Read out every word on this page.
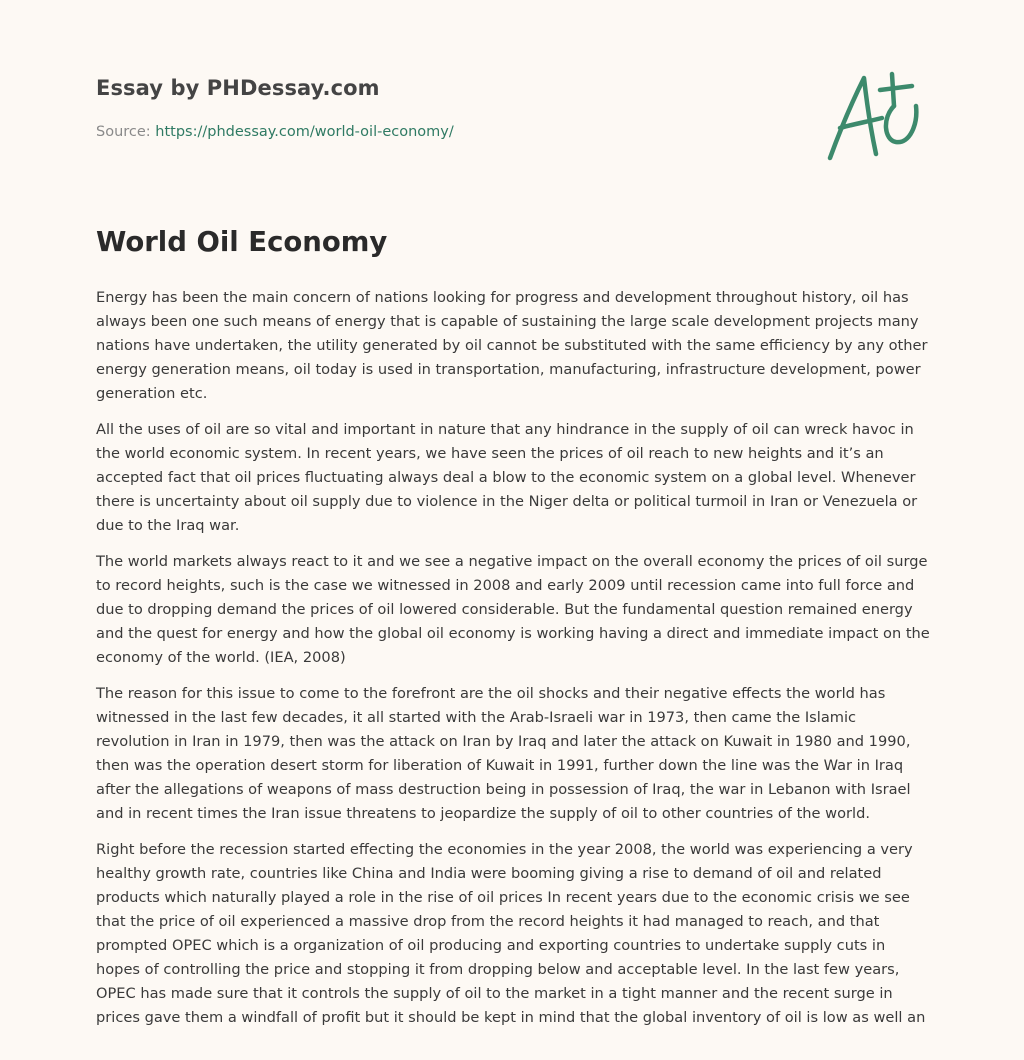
Essay by PHDessay.com
Source: https://phdessay.com/world-oil-economy/
World Oil Economy

Energy has been the main concern of nations looking for progress and development throughout history, oil has always been one such means of energy that is capable of sustaining the large scale development projects many nations have undertaken, the utility generated by oil cannot be substituted with the same efficiency by any other energy generation means, oil today is used in transportation, manufacturing, infrastructure development, power generation etc.

All the uses of oil are so vital and important in nature that any hindrance in the supply of oil can wreck havoc in the world economic system. In recent years, we have seen the prices of oil reach to new heights and it’s an accepted fact that oil prices fluctuating always deal a blow to the economic system on a global level. Whenever there is uncertainty about oil supply due to violence in the Niger delta or political turmoil in Iran or Venezuela or due to the Iraq war.

The world markets always react to it and we see a negative impact on the overall economy the prices of oil surge to record heights, such is the case we witnessed in 2008 and early 2009 until recession came into full force and due to dropping demand the prices of oil lowered considerable. But the fundamental question remained energy and the quest for energy and how the global oil economy is working having a direct and immediate impact on the economy of the world. (IEA, 2008)

The reason for this issue to come to the forefront are the oil shocks and their negative effects the world has witnessed in the last few decades, it all started with the Arab-Israeli war in 1973, then came the Islamic revolution in Iran in 1979, then was the attack on Iran by Iraq and later the attack on Kuwait in 1980 and 1990, then was the operation desert storm for liberation of Kuwait in 1991, further down the line was the War in Iraq after the allegations of weapons of mass destruction being in possession of Iraq, the war in Lebanon with Israel and in recent times the Iran issue threatens to jeopardize the supply of oil to other countries of the world.

Right before the recession started effecting the economies in the year 2008, the world was experiencing a very healthy growth rate, countries like China and India were booming giving a rise to demand of oil and related products which naturally played a role in the rise of oil prices In recent years due to the economic crisis we see that the price of oil experienced a massive drop from the record heights it had managed to reach, and that prompted OPEC which is a organization of oil producing and exporting countries to undertake supply cuts in hopes of controlling the price and stopping it from dropping below and acceptable level. In the last few years, OPEC has made sure that it controls the supply of oil to the market in a tight manner and the recent surge in prices gave them a windfall of profit but it should be kept in mind that the global inventory of oil is low as well an
